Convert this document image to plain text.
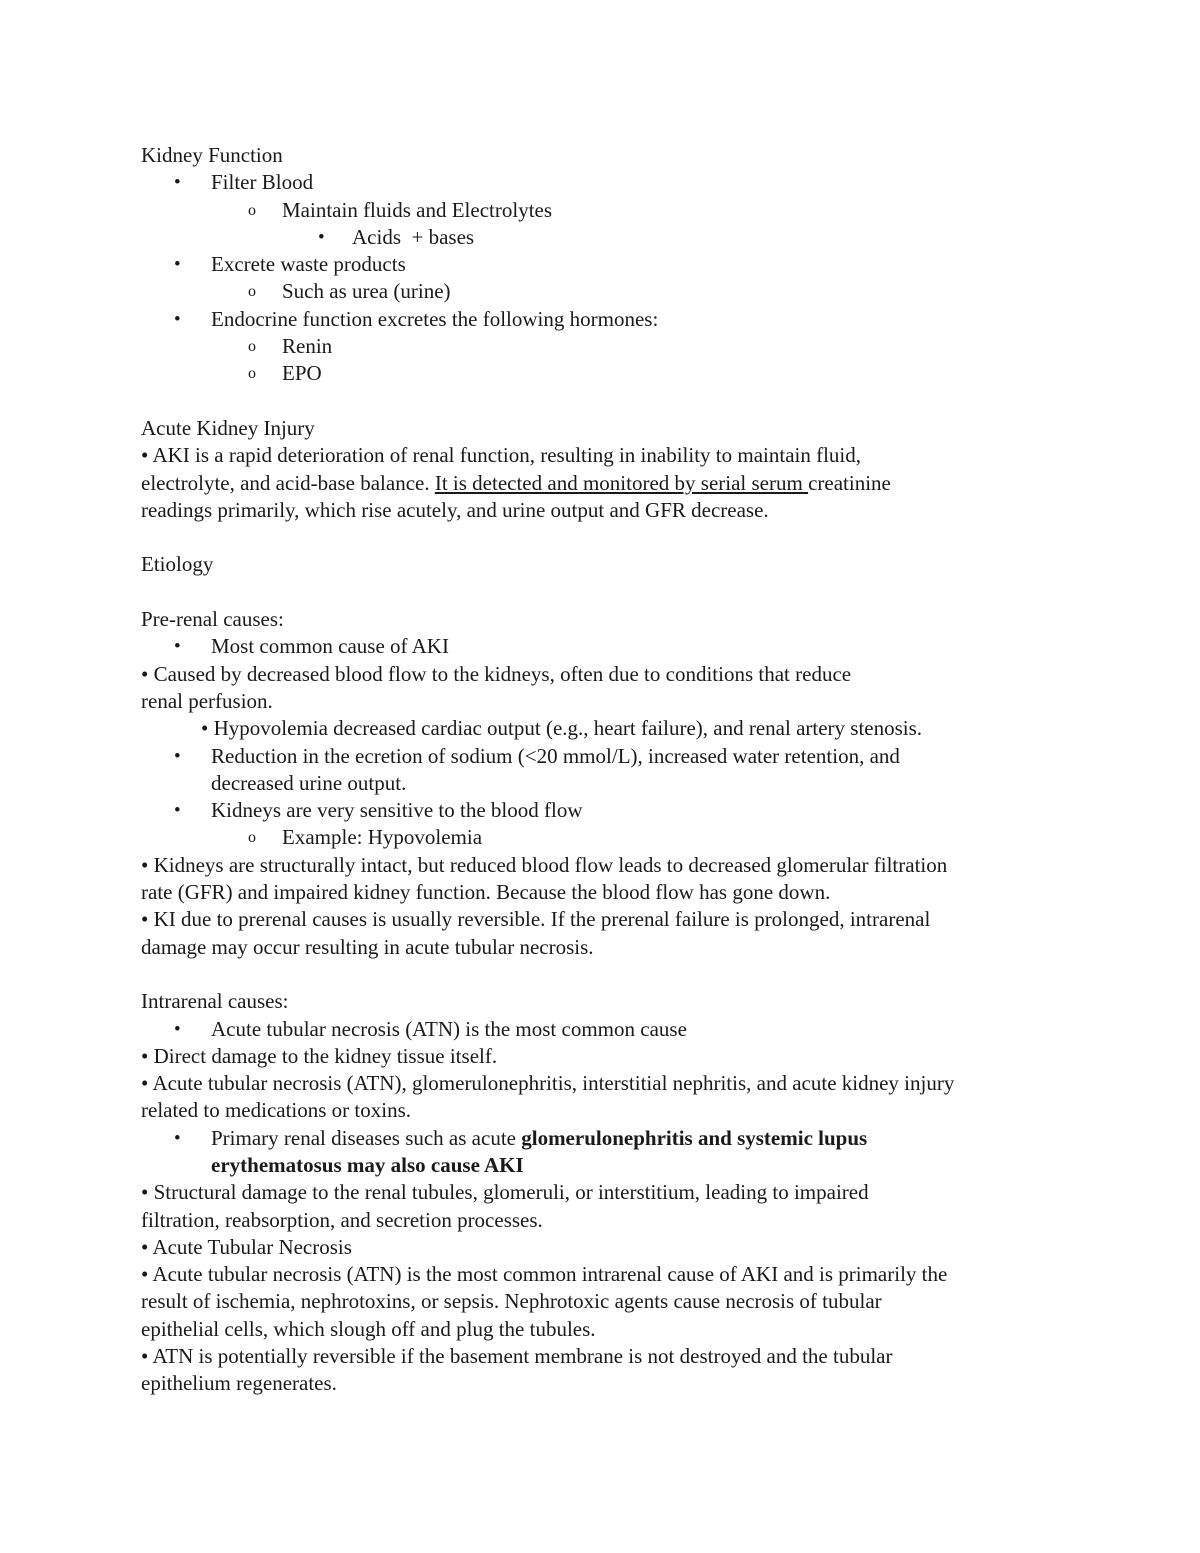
Kidney Function
• Filter Blood
o Maintain fluids and Electrolytes
• Acids  + bases
• Excrete waste products
o Such as urea (urine)
• Endocrine function excretes the following hormones:
o Renin
o EPO
Acute Kidney Injury
• AKI is a rapid deterioration of renal function, resulting in inability to maintain fluid,
electrolyte, and acid-base balance. It is detected and monitored by serial serum creatinine
readings primarily, which rise acutely, and urine output and GFR decrease.
Etiology
Pre-renal causes:
• Most common cause of AKI
• Caused by decreased blood flow to the kidneys, often due to conditions that reduce
renal perfusion.
• Hypovolemia decreased cardiac output (e.g., heart failure), and renal artery stenosis.
• Reduction in the ecretion of sodium (<20 mmol/L), increased water retention, and
decreased urine output.
• Kidneys are very sensitive to the blood flow
o Example: Hypovolemia
• Kidneys are structurally intact, but reduced blood flow leads to decreased glomerular filtration
rate (GFR) and impaired kidney function. Because the blood flow has gone down.
• KI due to prerenal causes is usually reversible. If the prerenal failure is prolonged, intrarenal
damage may occur resulting in acute tubular necrosis.
Intrarenal causes:
• Acute tubular necrosis (ATN) is the most common cause
• Direct damage to the kidney tissue itself.
• Acute tubular necrosis (ATN), glomerulonephritis, interstitial nephritis, and acute kidney injury
related to medications or toxins.
• Primary renal diseases such as acute glomerulonephritis and systemic lupus
erythematosus may also cause AKI
• Structural damage to the renal tubules, glomeruli, or interstitium, leading to impaired
filtration, reabsorption, and secretion processes.
• Acute Tubular Necrosis
• Acute tubular necrosis (ATN) is the most common intrarenal cause of AKI and is primarily the
result of ischemia, nephrotoxins, or sepsis. Nephrotoxic agents cause necrosis of tubular
epithelial cells, which slough off and plug the tubules.
• ATN is potentially reversible if the basement membrane is not destroyed and the tubular
epithelium regenerates.
